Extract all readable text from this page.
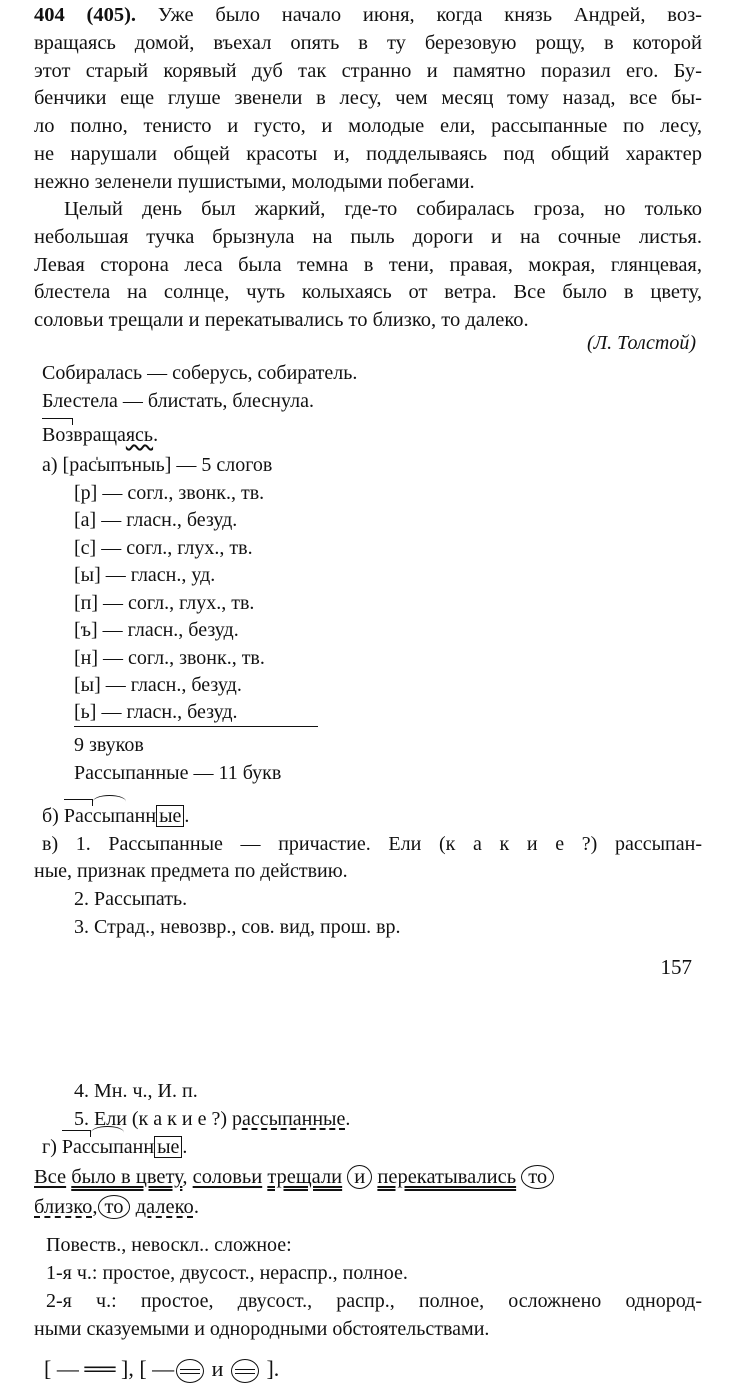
404 (405). Уже было начало июня, когда князь Андрей, воз-
вращаясь домой, въехал опять в ту березовую рощу, в которой
этот старый корявый дуб так странно и памятно поразил его. Бу-
бенчики еще глуше звенели в лесу, чем месяц тому назад, все бы-
ло полно, тенисто и густо, и молодые ели, рассыпанные по лесу,
не нарушали общей красоты и, подделываясь под общий характер
нежно зеленели пушистыми, молодыми побегами.
Целый день был жаркий, где-то собиралась гроза, но только
небольшая тучка брызнула на пыль дороги и на сочные листья.
Левая сторона леса была темна в тени, правая, мокрая, глянцевая,
блестела на солнце, чуть колыхаясь от ветра. Все было в цвету,
соловьи трещали и перекатывались то близко, то далеко.
(Л. Толстой)
Собиралась — соберусь, собиратель.
Блестела — блистать, блеснула.
Возвращаясь.
а) [рас̍ыпъныь] — 5 слогов
[р] — согл., звонк., тв.
[а] — гласн., безуд.
[с] — согл., глух., тв.
[ы] — гласн., уд.
[п] — согл., глух., тв.
[ъ] — гласн., безуд.
[н] — согл., звонк., тв.
[ы] — гласн., безуд.
[ь] — гласн., безуд.
9 звуков
Рассыпанные — 11 букв
б) Рассыпанн ые .
в) 1. Рассыпанные — причастие. Ели (к а к и е ?) рассыпан-
ные, признак предмета по действию.
2. Рассыпать.
3. Страд., невозвр., сов. вид, прош. вр.
157
4. Мн. ч., И. п.
5. Ели (к а к и е ?) рассыпанные.
г) Рассыпанн ые .
Все было в цвету, соловьи трещали и перекатывались то
близко, то далеко.
Повеств., невоскл.. сложное:
1-я ч.: простое, двусост., нераспр., полное.
2-я ч.: простое, двусост., распр., полное, осложнено однород-
ными сказуемыми и однородными обстоятельствами.
[ — ══ ], [ — и  ].
